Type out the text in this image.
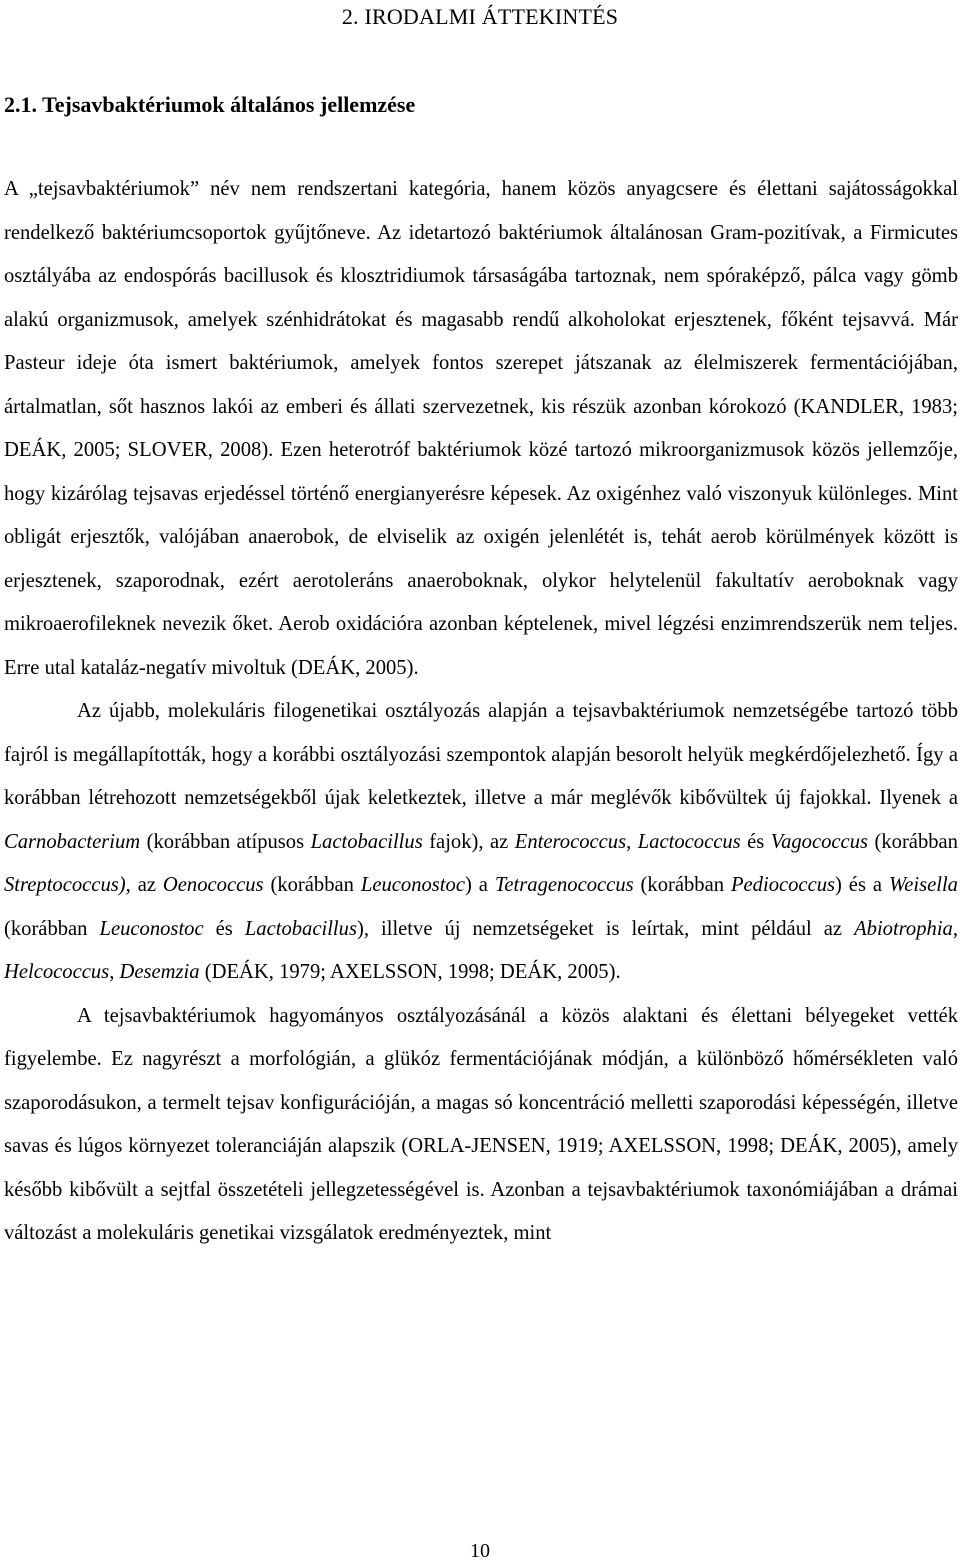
2. IRODALMI ÁTTEKINTÉS
2.1. Tejsavbaktériumok általános jellemzése

A „tejsavbaktériumok” név nem rendszertani kategória, hanem közös anyagcsere és élettani sajátosságokkal rendelkező baktériumcsoportok gyűjtőneve. Az idetartozó baktériumok általánosan Gram-pozitívak, a Firmicutes osztályába az endospórás bacillusok és klosztridiumok társaságába tartoznak, nem spóraképző, pálca vagy gömb alakú organizmusok, amelyek szénhidrátokat és magasabb rendű alkoholokat erjesztenek, főként tejsavvá. Már Pasteur ideje óta ismert baktériumok, amelyek fontos szerepet játszanak az élelmiszerek fermentációjában, ártalmatlan, sőt hasznos lakói az emberi és állati szervezetnek, kis részük azonban kórokozó (KANDLER, 1983; DEÁK, 2005; SLOVER, 2008). Ezen heterotróf baktériumok közé tartozó mikroorganizmusok közös jellemzője, hogy kizárólag tejsavas erjedéssel történő energianyerésre képesek. Az oxigénhez való viszonyuk különleges. Mint obligát erjesztők, valójában anaerobok, de elviselik az oxigén jelenlétét is, tehát aerob körülmények között is erjesztenek, szaporodnak, ezért aerotoleráns anaeroboknak, olykor helytelenül fakultatív aeroboknak vagy mikroaerofileknek nevezik őket. Aerob oxidációra azonban képtelenek, mivel légzési enzimrendszerük nem teljes. Erre utal kataláz-negatív mivoltuk (DEÁK, 2005).

Az újabb, molekuláris filogenetikai osztályozás alapján a tejsavbaktériumok nemzetségébe tartozó több fajról is megállapították, hogy a korábbi osztályozási szempontok alapján besorolt helyük megkérdőjelezhető. Így a korábban létrehozott nemzetségekből újak keletkeztek, illetve a már meglévők kibővültek új fajokkal. Ilyenek a Carnobacterium (korábban atípusos Lactobacillus fajok), az Enterococcus, Lactococcus és Vagococcus (korábban Streptococcus), az Oenococcus (korábban Leuconostoc) a Tetragenococcus (korábban Pediococcus) és a Weisella (korábban Leuconostoc és Lactobacillus), illetve új nemzetségeket is leírtak, mint például az Abiotrophia, Helcococcus, Desemzia (DEÁK, 1979; AXELSSON, 1998; DEÁK, 2005).

A tejsavbaktériumok hagyományos osztályozásánál a közös alaktani és élettani bélyegeket vették figyelembe. Ez nagyrészt a morfológián, a glükóz fermentációjának módján, a különböző hőmérsékleten való szaporodásukon, a termelt tejsav konfigurációján, a magas só koncentráció melletti szaporodási képességén, illetve savas és lúgos környezet toleranciáján alapszik (ORLA-JENSEN, 1919; AXELSSON, 1998; DEÁK, 2005), amely később kibővült a sejtfal összetételi jellegzetességével is. Azonban a tejsavbaktériumok taxonómiájában a drámai változást a molekuláris genetikai vizsgálatok eredményeztek, mint

10
